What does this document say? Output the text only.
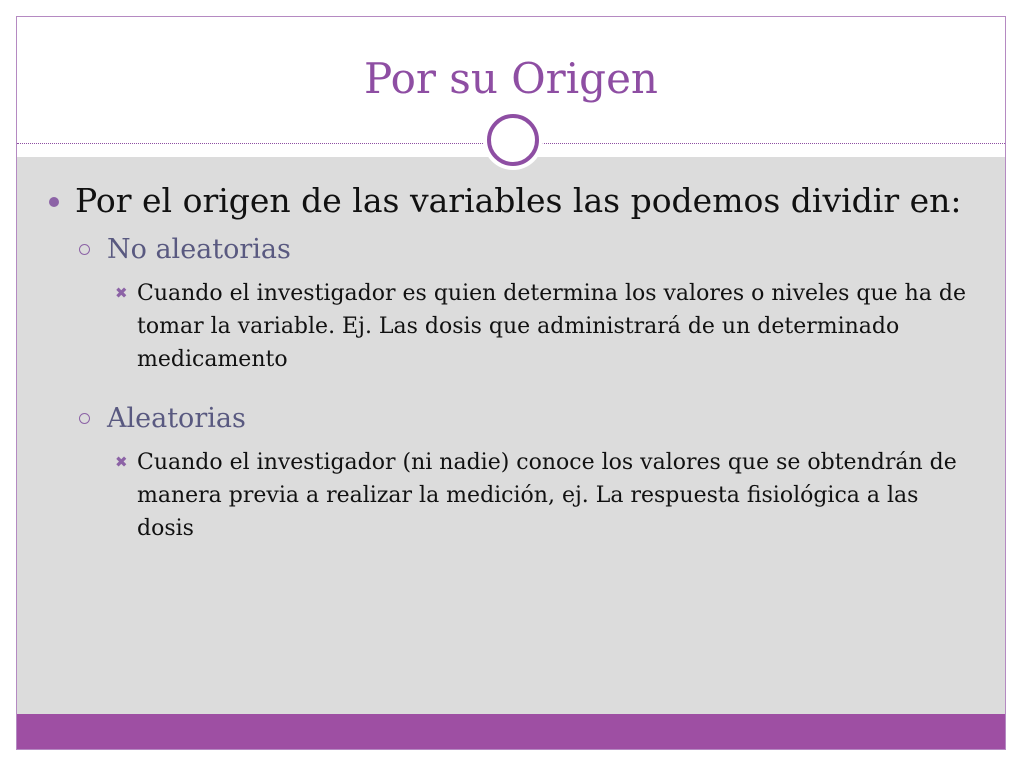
Por su Origen
Por el origen de las variables las podemos dividir en:
No aleatorias
✖ Cuando el investigador es quien determina los valores o niveles que ha de tomar la variable. Ej. Las dosis que administrará de un determinado medicamento
Aleatorias
✖ Cuando el investigador (ni nadie) conoce los valores que se obtendrán de manera previa a realizar la medición, ej. La respuesta fisiológica a las dosis
